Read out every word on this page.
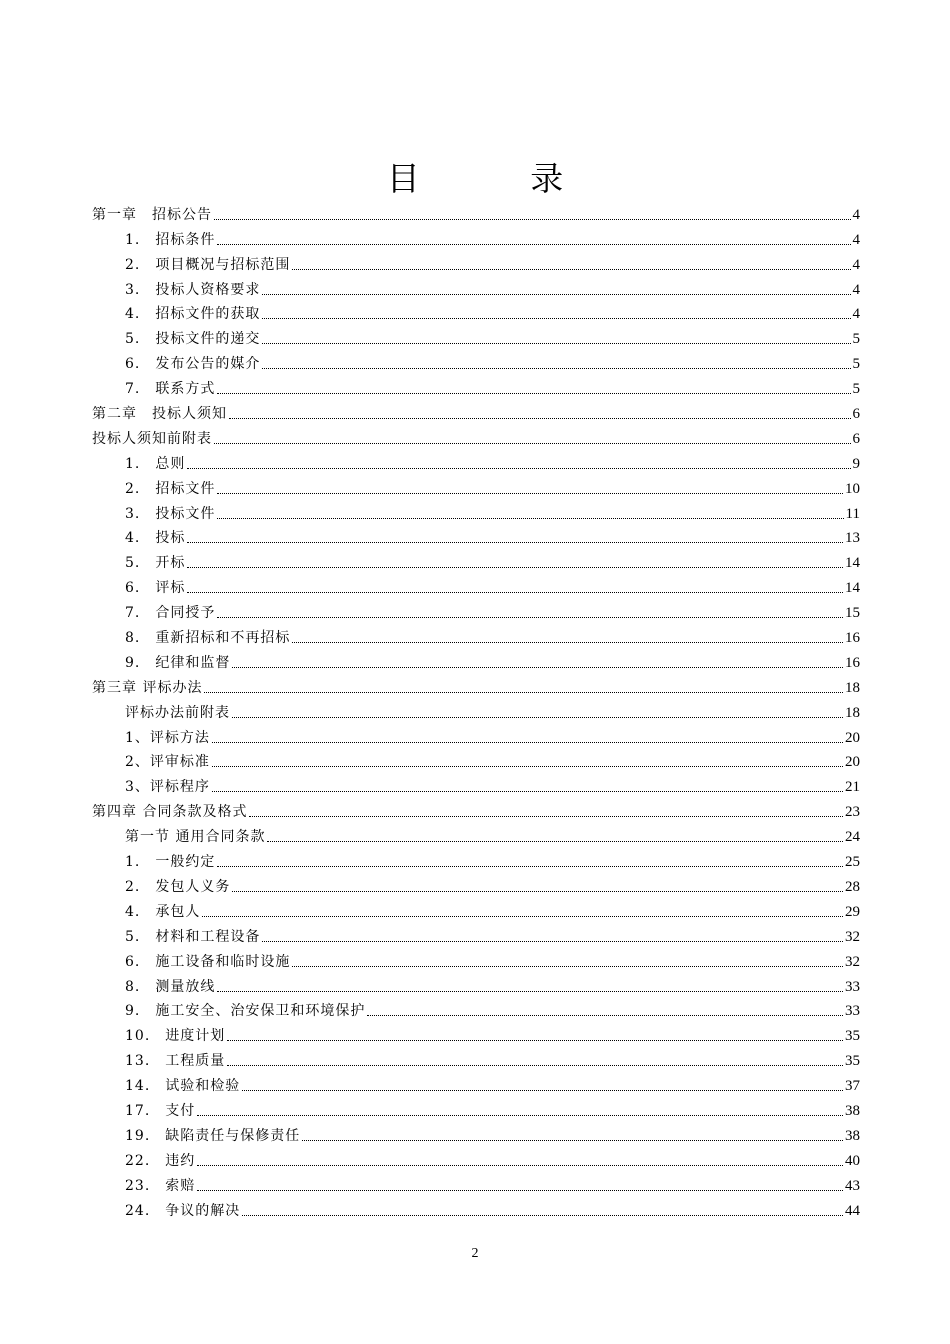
目 录
第一章　招标公告	4
1.　招标条件	4
2.　项目概况与招标范围	4
3.　投标人资格要求	4
4.　招标文件的获取	4
5.　投标文件的递交	5
6.　发布公告的媒介	5
7.　联系方式	5
第二章　投标人须知	6
投标人须知前附表	6
1.　总则	9
2.　招标文件	10
3.　投标文件	11
4.　投标	13
5.　开标	14
6.　评标	14
7.　合同授予	15
8.　重新招标和不再招标	16
9.　纪律和监督	16
第三章 评标办法	18
评标办法前附表	18
1、评标方法	20
2、评审标准	20
3、评标程序	21
第四章 合同条款及格式	23
第一节 通用合同条款	24
1.　一般约定	25
2.　发包人义务	28
4.　承包人	29
5.　材料和工程设备	32
6.　施工设备和临时设施	32
8.　测量放线	33
9.　施工安全、治安保卫和环境保护	33
10.　进度计划	35
13.　工程质量	35
14.　试验和检验	37
17.　支付	38
19.　缺陷责任与保修责任	38
22.　违约	40
23.　索赔	43
24.　争议的解决	44
2
